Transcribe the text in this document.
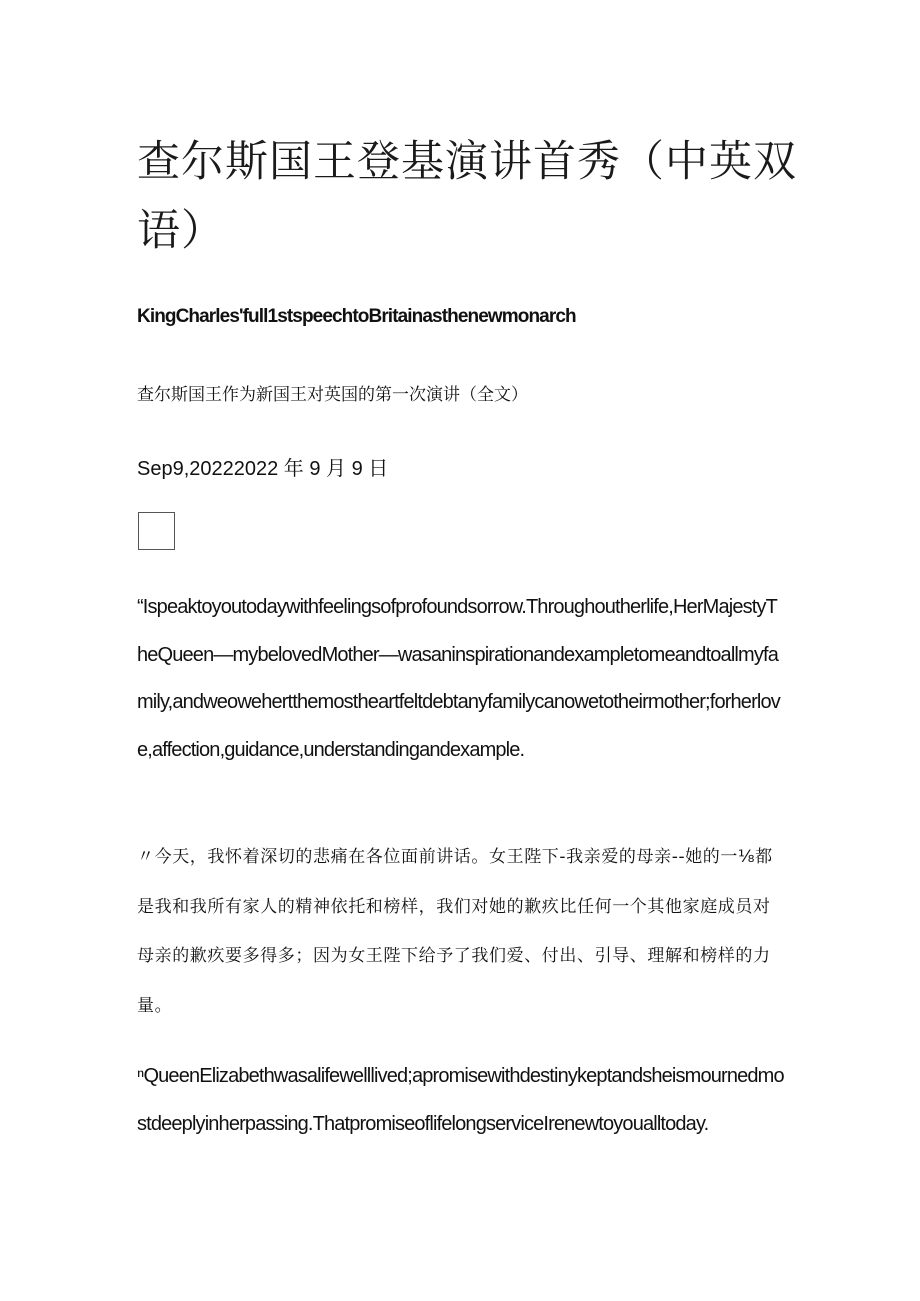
查尔斯国王登基演讲首秀（中英双语）

KingCharles'full1stspeechtoBritainasthenewmonarch

查尔斯国王作为新国王对英国的第一次演讲（全文）

Sep9,20222022 年 9 月 9 日

“Ispeaktoyoutodaywithfeelingsofprofoundsorrow.Throughoutherlife,HerMajestyTheQueen—mybelovedMother—wasaninspirationandexampletomeandtoallmyfamily,andweowehertthemostheartfeltdebtanyfamilycanowetotheirmother;forherlove,affection,guidance,understandingandexample.

〃今天，我怀着深切的悲痛在各位面前讲话。女王陛下-我亲爱的母亲--她的一⅛都是我和我所有家人的精神依托和榜样，我们对她的歉疚比任何一个其他家庭成员对母亲的歉疚要多得多；因为女王陛下给予了我们爱、付出、引导、理解和榜样的力量。

ⁿQueenElizabethwasalifewelllived;apromisewithdestinykeptandsheismournedmostdeeplyinherpassing.ThatpromiseoflifelongserviceIrenewtoyoualltoday.
